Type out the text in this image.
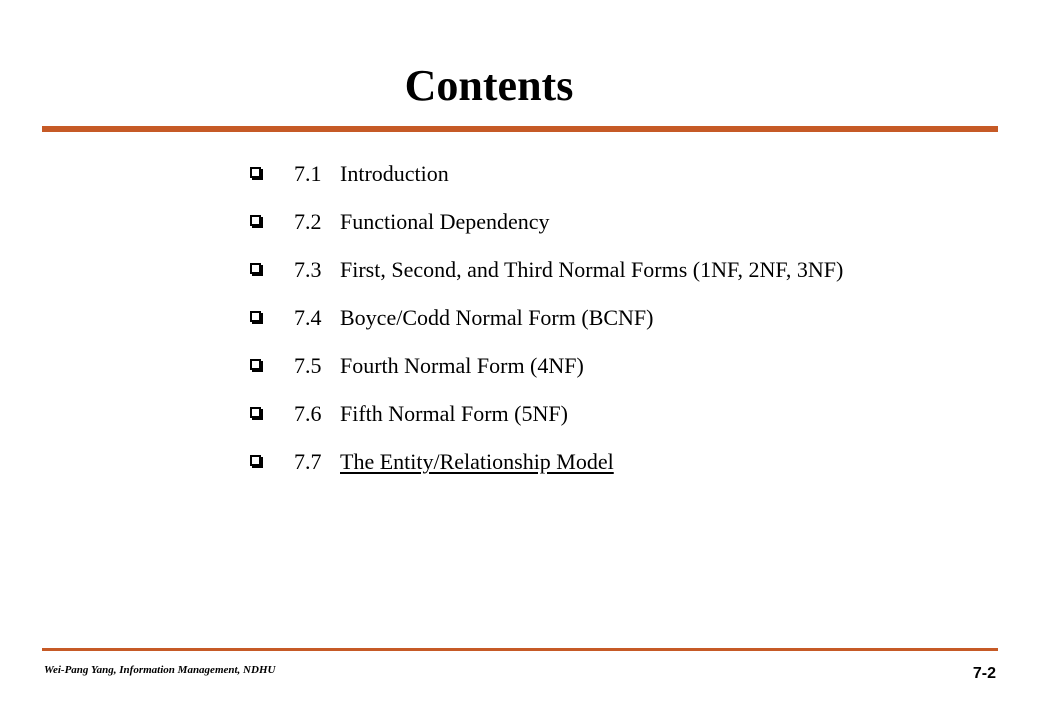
Contents
7.1 Introduction
7.2 Functional Dependency
7.3 First, Second, and Third Normal Forms (1NF, 2NF, 3NF)
7.4 Boyce/Codd Normal Form (BCNF)
7.5 Fourth Normal Form (4NF)
7.6 Fifth Normal Form (5NF)
7.7 The Entity/Relationship Model
Wei-Pang Yang, Information Management, NDHU	7-2
